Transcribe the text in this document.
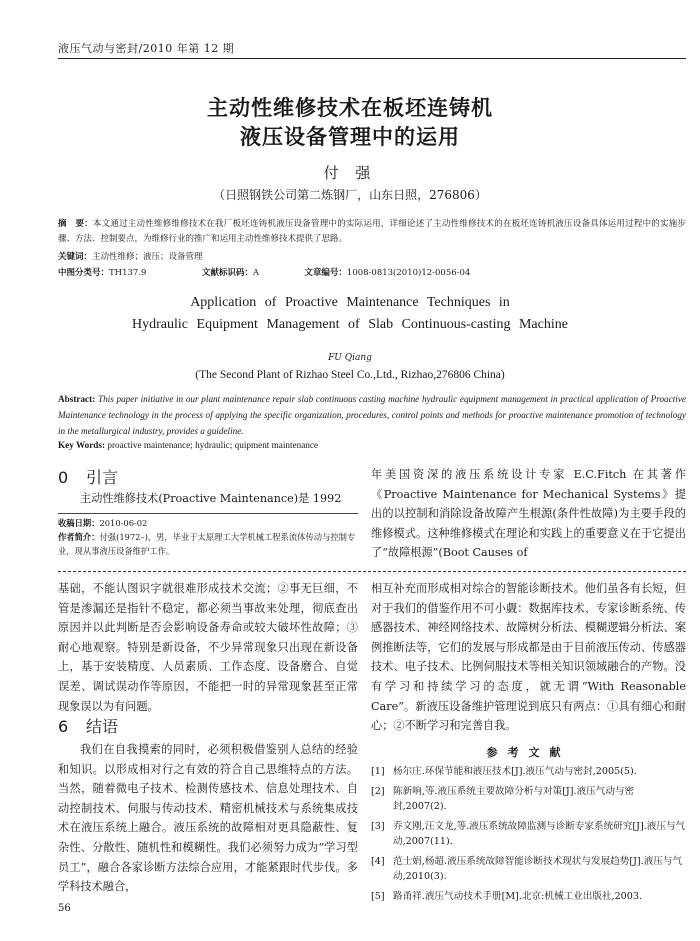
液压气动与密封/2010 年第 12 期
主动性维修技术在板坯连铸机
液压设备管理中的运用
付 强
（日照钢铁公司第二炼钢厂，山东日照，276806）
摘　要：本文通过主动性维修维修技术在我厂板坯连铸机液压设备管理中的实际运用，详细论述了主动性维修技术的在板坯连铸机液压设备具体运用过程中的实施步骤、方法、控制要点，为维修行业的推广和运用主动性维修技术提供了思路。
关键词：主动性维修；液压；设备管理
中图分类号：TH137.9	文献标识码：A	文章编号：1008-0813(2010)12-0056-04
Application of Proactive Maintenance Techniques in
Hydraulic Equipment Management of Slab Continuous-casting Machine
FU Qiang
(The Second Plant of Rizhao Steel Co.,Ltd., Rizhao,276806 China)
Abstract: This paper initiative in our plant maintenance repair slab continuous casting machine hydraulic equipment management in practical application of Proactive Maintenance technology in the process of applying the specific organization, procedures, control points and methods for proactive maintenance promotion of technology in the metallurgical industry, provides a guideline.
Key Words: proactive maintenance; hydraulic; quipment maintenance
0 引言
主动性维修技术(Proactive Maintenance)是 1992
收稿日期：2010-06-02
作者简介：付强(1972–)，男，毕业于太原理工大学机械工程系流体传动与控制专业，现从事液压设备维护工作。
年美国资深的液压系统设计专家 E.C.Fitch 在其著作《Proactive Maintenance for Mechanical Systems》提出的以控制和消除设备故障产生根源(条件性故障)为主要手段的维修模式。这种维修模式在理论和实践上的重要意义在于它提出了“故障根源”(Boot Causes of
基础，不能认图识字就很难形成技术交流；②事无巨细，不管是渗漏还是指针不稳定，都必须当事故来处理，彻底查出原因并以此判断是否会影响设备寿命或较大破坏性故障；③耐心地观察。特别是新设备，不少异常现象只出现在新设备上，基于安装精度、人员素质、工作态度、设备磨合、自觉误差、调试误动作等原因，不能把一时的异常现象甚至正常现象误以为有问题。
6 结语
我们在自我摸索的同时，必须积极借鉴别人总结的经验和知识。以形成相对行之有效的符合自己思维特点的方法。当然，随着微电子技术、检测传感技术、信息处理技术、自动控制技术、伺服与传动技术、精密机械技术与系统集成技术在液压系统上融合。液压系统的故障相对更具隐蔽性、复杂性、分散性、随机性和模糊性。我们必须努力成为“学习型员工”，融合各家诊断方法综合应用，才能紧跟时代步伐。多学科技术融合，
相互补充而形成相对综合的智能诊断技术。他们虽各有长短，但对于我们的借鉴作用不可小觑：数据库技术、专家诊断系统、传感器技术、神经网络技术、故障树分析法、模糊逻辑分析法、案例推断法等，它们的发展与形成都是由于目前液压传动、传感器技术、电子技术、比例伺服技术等相关知识领域融合的产物。没有学习和持续学习的态度，就无谓“With Reasonable Care”。新液压设备维护管理说到底只有两点：①具有细心和耐心；②不断学习和完善自我。
参考文献
[1] 杨尔庄.环保节能和液压技术[J].液压气动与密封,2005(5).
[2] 陈新响,等.液压系统主要故障分析与对策[J].液压气动与密封,2007(2).
[3] 乔文刚,汪文龙,等.液压系统故障监测与诊断专家系统研究[J].液压与气动,2007(11).
[4] 范士娟,杨超.液压系统故障智能诊断技术现状与发展趋势[J].液压与气动,2010(3).
[5] 路甬祥.液压气动技术手册[M].北京:机械工业出版社,2003.
56
